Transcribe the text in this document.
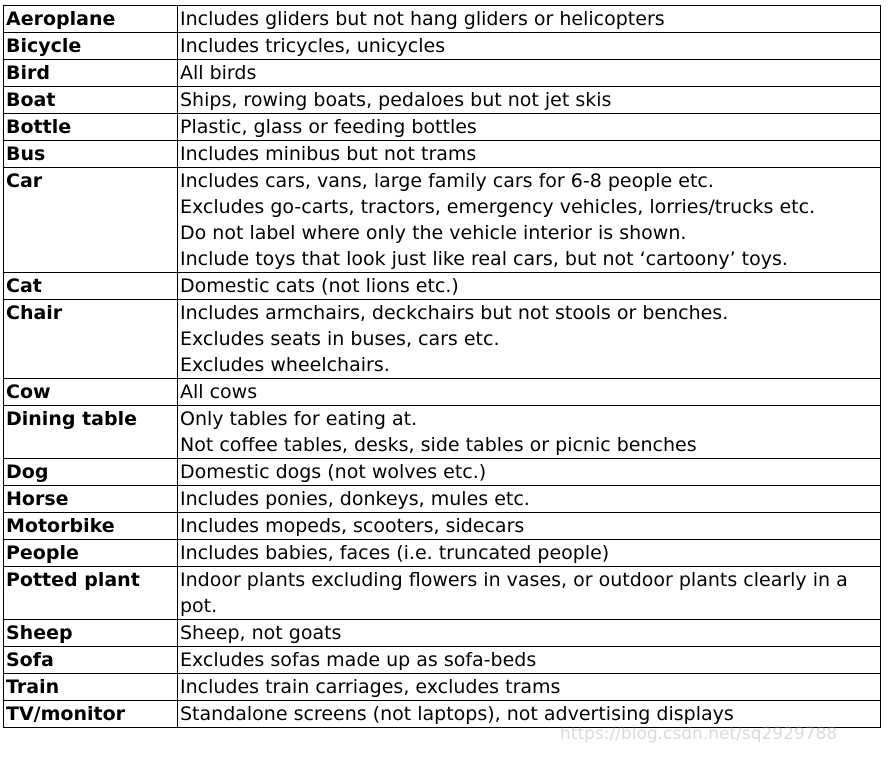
Aeroplane	Includes gliders but not hang gliders or helicopters

Bicycle	Includes tricycles, unicycles

Bird	All birds

Boat	Ships, rowing boats, pedaloes but not jet skis

Bottle	Plastic, glass or feeding bottles

Bus	Includes minibus but not trams

Car	Includes cars, vans, large family cars for 6-8 people etc.
Excludes go-carts, tractors, emergency vehicles, lorries/trucks etc.
Do not label where only the vehicle interior is shown.
Include toys that look just like real cars, but not ‘cartoony’ toys.

Cat	Domestic cats (not lions etc.)

Chair	Includes armchairs, deckchairs but not stools or benches.
Excludes seats in buses, cars etc.
Excludes wheelchairs.

Cow	All cows

Dining table	Only tables for eating at.
Not coffee tables, desks, side tables or picnic benches

Dog	Domestic dogs (not wolves etc.)

Horse	Includes ponies, donkeys, mules etc.

Motorbike	Includes mopeds, scooters, sidecars

People	Includes babies, faces (i.e. truncated people)

Potted plant	Indoor plants excluding flowers in vases, or outdoor plants clearly in a pot.

Sheep	Sheep, not goats

Sofa	Excludes sofas made up as sofa-beds

Train	Includes train carriages, excludes trams

TV/monitor	Standalone screens (not laptops), not advertising displays
https://blog.csdn.net/sq2929788
